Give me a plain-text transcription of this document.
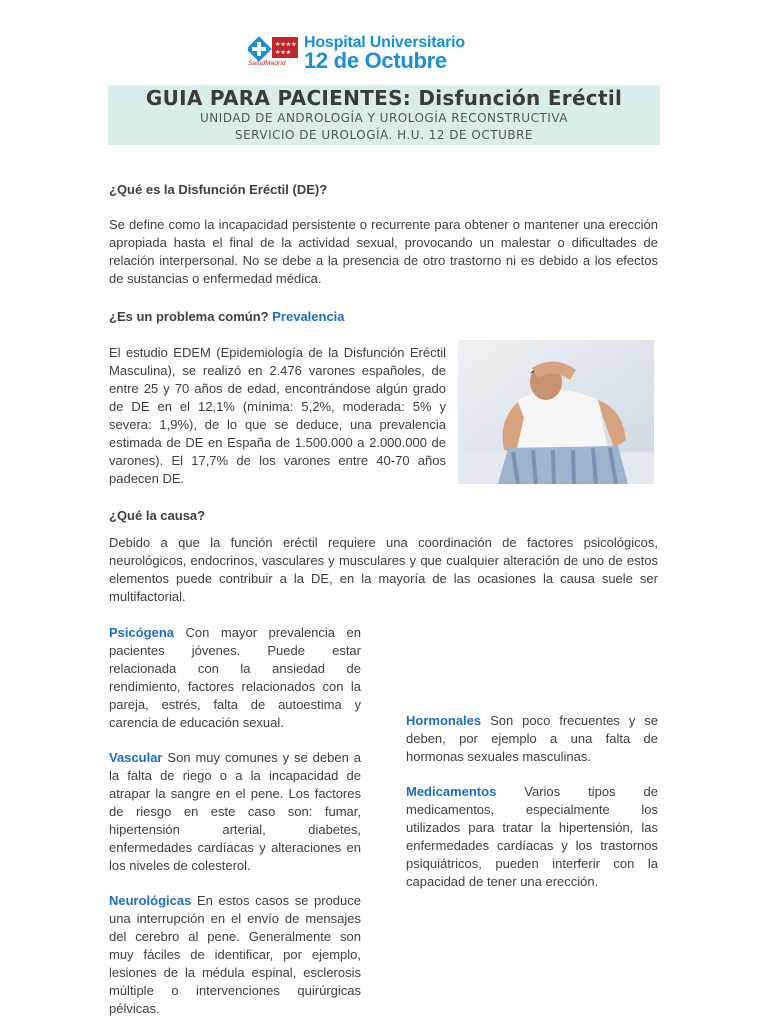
★★★★
★★★
SaludMadrid
Hospital Universitario
12 de Octubre
GUIA PARA PACIENTES: Disfunción Eréctil
UNIDAD DE ANDROLOGÍA Y UROLOGÍA RECONSTRUCTIVA
SERVICIO DE UROLOGÍA. H.U. 12 DE OCTUBRE
¿Qué es la Disfunción Eréctil (DE)?
Se define como la incapacidad persistente o recurrente para obtener o mantener una erección apropiada hasta el final de la actividad sexual, provocando un malestar o dificultades de relación interpersonal. No se debe a la presencia de otro trastorno ni es debido a los efectos de sustancias o enfermedad médica.
¿Es un problema común? Prevalencia
El estudio EDEM (Epidemiología de la Disfunción Eréctil Masculina), se realizó en 2.476 varones españoles, de entre 25 y 70 años de edad, encontrándose algún grado de DE en el 12,1% (mínima: 5,2%, moderada: 5% y severa: 1,9%), de lo que se deduce, una prevalencia estimada de DE en España de 1.500.000 a 2.000.000 de varones). El 17,7% de los varones entre 40-70 años padecen DE.
¿Qué la causa?
Debido a que la función eréctil requiere una coordinación de factores psicológicos, neurológicos, endocrinos, vasculares y musculares y que cualquier alteración de uno de estos elementos puede contribuir a la DE, en la mayoría de las ocasiones la causa suele ser multifactorial.

Psicógena Con mayor prevalencia en pacientes jóvenes. Puede estar relacionada con la ansiedad de rendimiento, factores relacionados con la pareja, estrés, falta de autoestima y carencia de educación sexual.

Vascular Son muy comunes y se deben a la falta de riego o a la incapacidad de atrapar la sangre en el pene. Los factores de riesgo en este caso son: fumar, hipertensión arterial, diabetes, enfermedades cardíacas y alteraciones en los niveles de colesterol.

Neurológicas En estos casos se produce una interrupción en el envío de mensajes del cerebro al pene. Generalmente son muy fáciles de identificar, por ejemplo, lesiones de la médula espinal, esclerosis múltiple o intervenciones quirúrgicas pélvicas.

Hormonales Son poco frecuentes y se deben, por ejemplo a una falta de hormonas sexuales masculinas.

Medicamentos Varios tipos de medicamentos, especialmente los utilizados para tratar la hipertensión, las enfermedades cardíacas y los trastornos psiquiátricos, pueden interferir con la capacidad de tener una erección.
